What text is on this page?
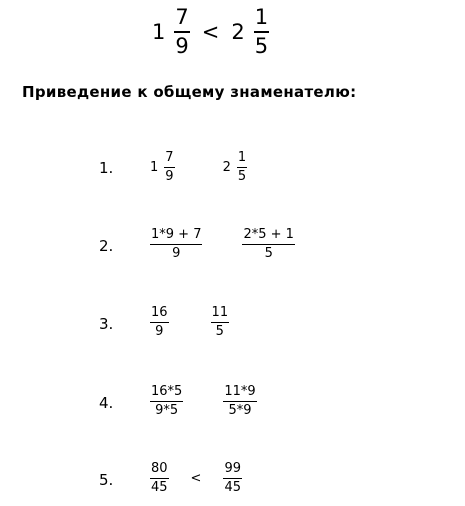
$1 \frac{7}{9} < 2 \frac{1}{5}$
Приведение к общему знаменателю:
1.	$1 \frac{7}{9}$	$2 \frac{1}{5}$
2.	$\frac{1*9 + 7}{9}$	$\frac{2*5 + 1}{5}$
3.	$\frac{16}{9}$	$\frac{11}{5}$
4.	$\frac{16*5}{9*5}$	$\frac{11*9}{5*9}$
5.	$\frac{80}{45} < \frac{99}{45}$
